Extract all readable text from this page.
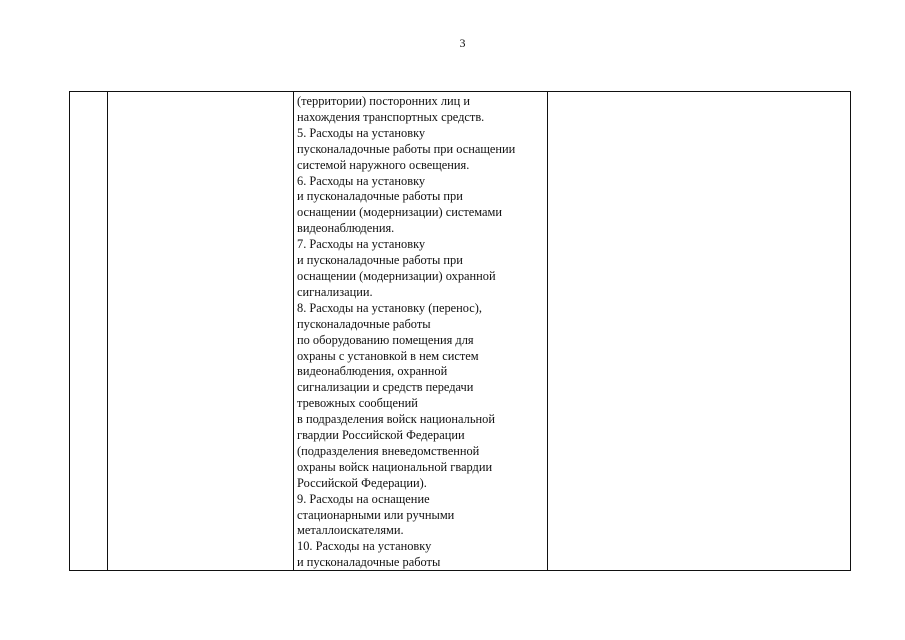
3
(территории) посторонних лиц и
нахождения транспортных средств.
5. Расходы на установку
пусконаладочные работы при оснащении
системой наружного освещения.
6. Расходы на установку
и пусконаладочные работы при
оснащении (модернизации) системами
видеонаблюдения.
7. Расходы на установку
и пусконаладочные работы при
оснащении (модернизации) охранной
сигнализации.
8. Расходы на установку (перенос),
пусконаладочные работы
по оборудованию помещения для
охраны с установкой в нем систем
видеонаблюдения, охранной
сигнализации и средств передачи
тревожных сообщений
в подразделения войск национальной
гвардии Российской Федерации
(подразделения вневедомственной
охраны войск национальной гвардии
Российской Федерации).
9. Расходы на оснащение
стационарными или ручными
металлоискателями.
10. Расходы на установку
и пусконаладочные работы
